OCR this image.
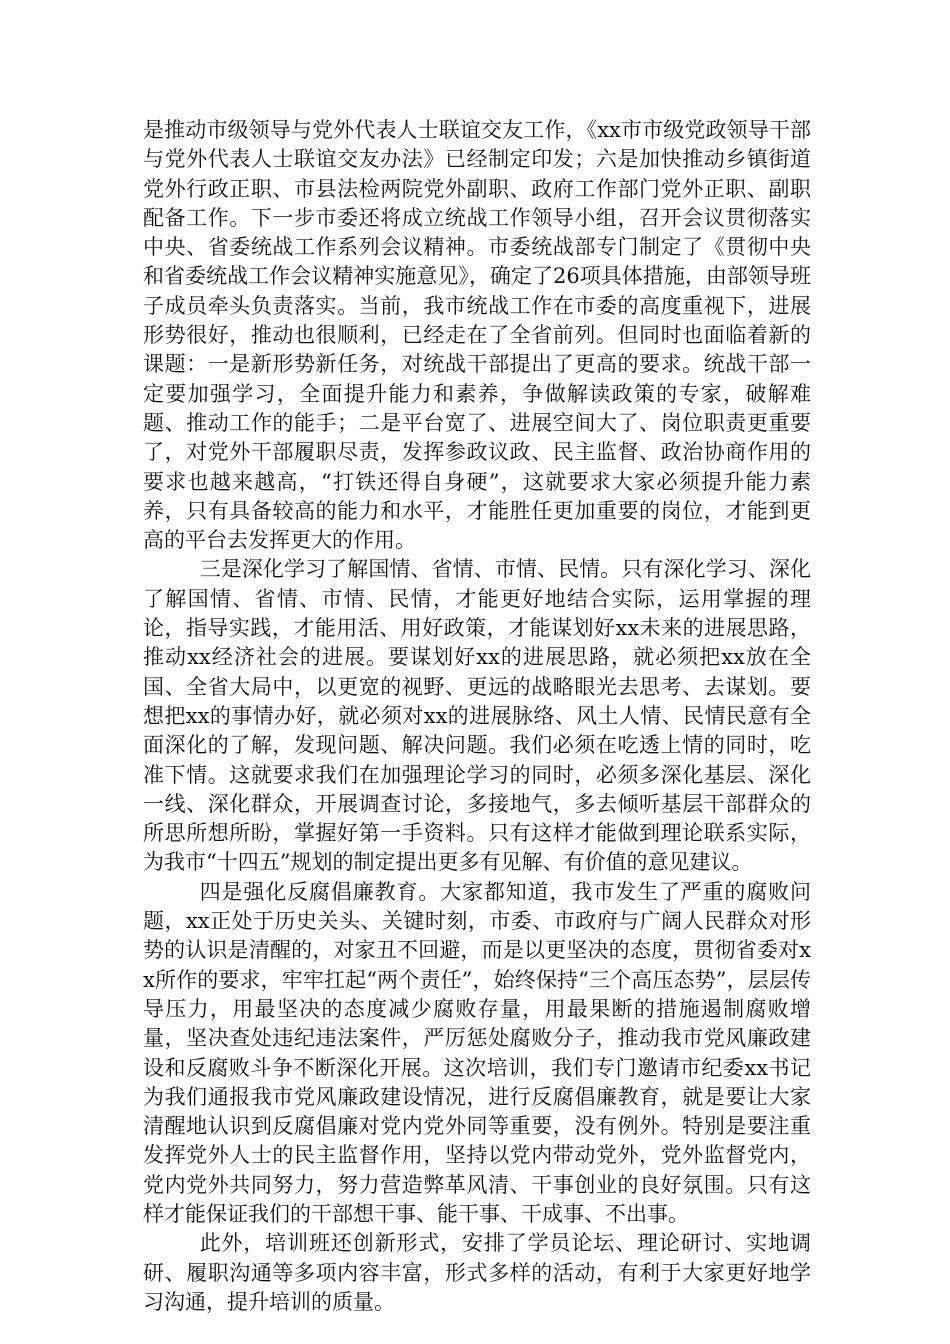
是推动市级领导与党外代表人士联谊交友工作，《xx市市级党政领导干部与党外代表人士联谊交友办法》已经制定印发；六是加快推动乡镇街道党外行政正职、市县法检两院党外副职、政府工作部门党外正职、副职配备工作。下一步市委还将成立统战工作领导小组，召开会议贯彻落实中央、省委统战工作系列会议精神。市委统战部专门制定了《贯彻中央和省委统战工作会议精神实施意见》，确定了26项具体措施，由部领导班子成员牵头负责落实。当前，我市统战工作在市委的高度重视下，进展形势很好，推动也很顺利，已经走在了全省前列。但同时也面临着新的课题：一是新形势新任务，对统战干部提出了更高的要求。统战干部一定要加强学习，全面提升能力和素养，争做解读政策的专家，破解难题、推动工作的能手；二是平台宽了、进展空间大了、岗位职责更重要了，对党外干部履职尽责，发挥参政议政、民主监督、政治协商作用的要求也越来越高，“打铁还得自身硬”，这就要求大家必须提升能力素养，只有具备较高的能力和水平，才能胜任更加重要的岗位，才能到更高的平台去发挥更大的作用。

三是深化学习了解国情、省情、市情、民情。只有深化学习、深化了解国情、省情、市情、民情，才能更好地结合实际，运用掌握的理论，指导实践，才能用活、用好政策，才能谋划好xx未来的进展思路，推动xx经济社会的进展。要谋划好xx的进展思路，就必须把xx放在全国、全省大局中，以更宽的视野、更远的战略眼光去思考、去谋划。要想把xx的事情办好，就必须对xx的进展脉络、风土人情、民情民意有全面深化的了解，发现问题、解决问题。我们必须在吃透上情的同时，吃准下情。这就要求我们在加强理论学习的同时，必须多深化基层、深化一线、深化群众，开展调查讨论，多接地气，多去倾听基层干部群众的所思所想所盼，掌握好第一手资料。只有这样才能做到理论联系实际，为我市“十四五”规划的制定提出更多有见解、有价值的意见建议。

四是强化反腐倡廉教育。大家都知道，我市发生了严重的腐败问题，xx正处于历史关头、关键时刻，市委、市政府与广阔人民群众对形势的认识是清醒的，对家丑不回避，而是以更坚决的态度，贯彻省委对xx所作的要求，牢牢扛起“两个责任”，始终保持“三个高压态势”，层层传导压力，用最坚决的态度减少腐败存量，用最果断的措施遏制腐败增量，坚决查处违纪违法案件，严厉惩处腐败分子，推动我市党风廉政建设和反腐败斗争不断深化开展。这次培训，我们专门邀请市纪委xx书记为我们通报我市党风廉政建设情况，进行反腐倡廉教育，就是要让大家清醒地认识到反腐倡廉对党内党外同等重要，没有例外。特别是要注重发挥党外人士的民主监督作用，坚持以党内带动党外，党外监督党内，党内党外共同努力，努力营造弊革风清、干事创业的良好氛围。只有这样才能保证我们的干部想干事、能干事、干成事、不出事。

此外，培训班还创新形式，安排了学员论坛、理论研讨、实地调研、履职沟通等多项内容丰富，形式多样的活动，有利于大家更好地学习沟通，提升培训的质量。
